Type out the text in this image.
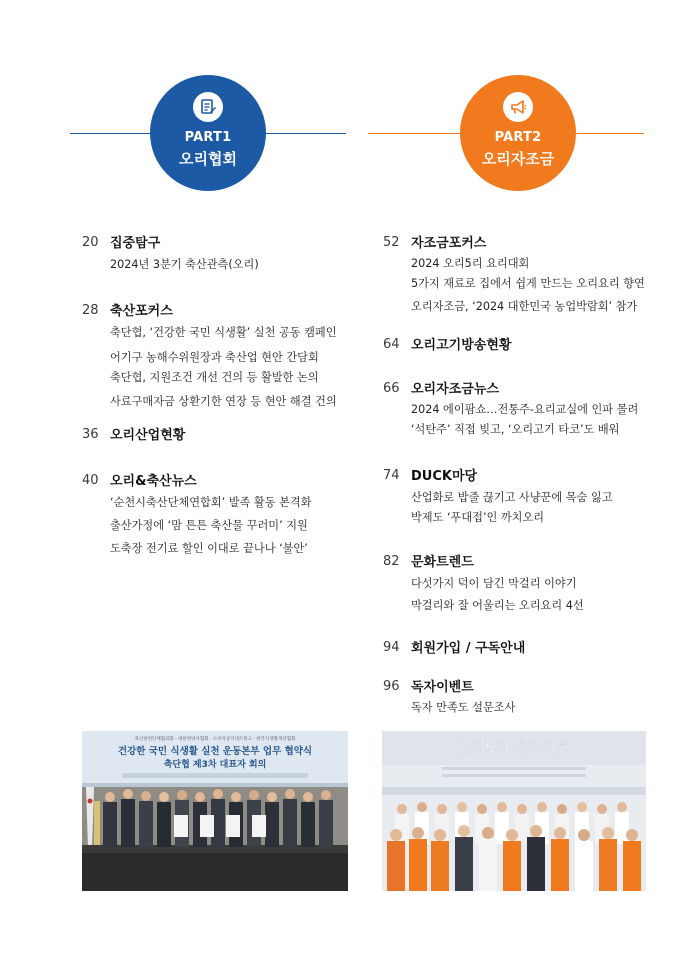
PART1
오리협회
PART2
오리자조금
20 집중탐구
2024년 3분기 축산관측(오리)
28 축산포커스
축단협, ‘건강한 국민 식생활’ 실천 공동 캠페인
어기구 농해수위원장과 축산업 현안 간담회
축단협, 지원조건 개선 건의 등 활발한 논의
사료구매자금 상환기한 연장 등 현안 해결 건의
36 오리산업현황
40 오리&축산뉴스
‘순천시축산단체연합회’ 발족 활동 본격화
출산가정에 ‘맘 튼튼 축산물 꾸러미’ 지원
도축장 전기료 할인 이대로 끝나나 ‘불안’
52 자조금포커스
2024 오리5리 요리대회
5가지 재료로 집에서 쉽게 만드는 오리요리 향연
오리자조금, ‘2024 대한민국 농업박람회’ 참가
64 오리고기방송현황
66 오리자조금뉴스
2024 에이팜쇼…전통주-요리교실에 인파 몰려
‘석탄주’ 직접 빚고, ‘오리고기 타코’도 배워
74 DUCK마당
산업화로 밥줄 끊기고 사냥꾼에 목숨 잃고
박제도 ‘푸대접’인 까치오리
82 문화트렌드
다섯가지 덕이 담긴 막걸리 이야기
막걸리와 잘 어울리는 오리요리 4선
94 회원가입 / 구독안내
96 독자이벤트
독자 만족도 설문조사
축산관련단체협의회 · 대한영양사협회 · 소비자공익네트워크 · 한국식생활개선협회
건강한 국민 식생활 실천 운동본부 업무 협약식
축단협 제3차 대표자 회의
오리5리 요리대회
